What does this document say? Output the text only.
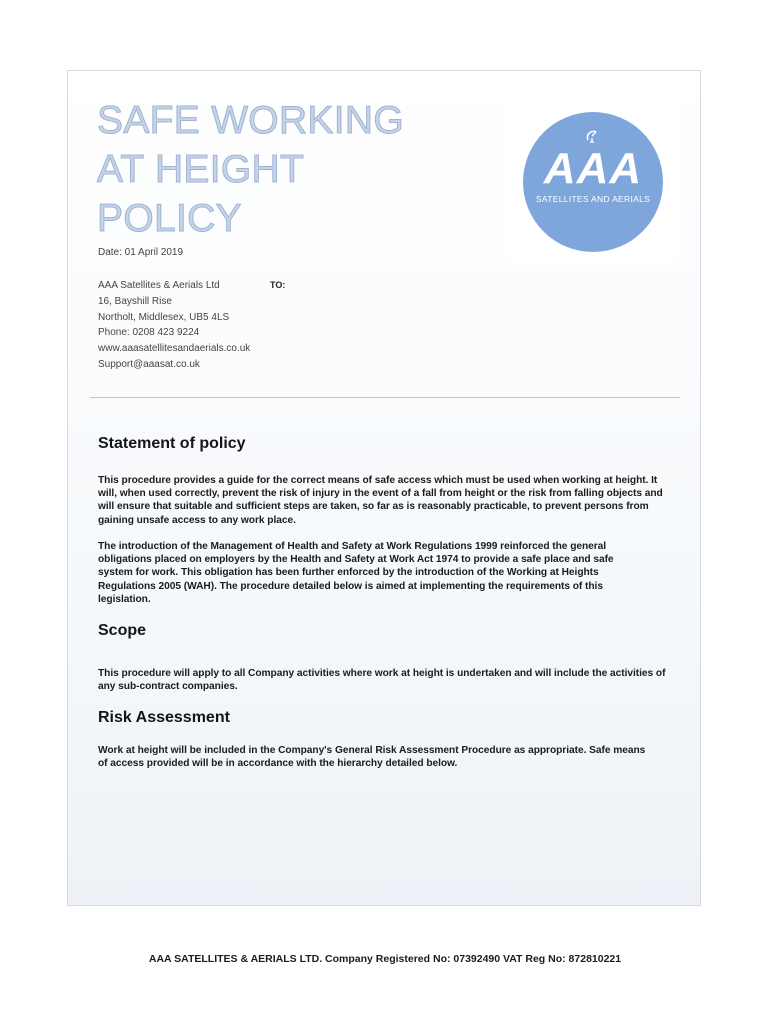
SAFE WORKING
AT HEIGHT
POLICY
AAA
SATELLITES AND AERIALS
Date: 01 April 2019
AAA Satellites & Aerials Ltd
16, Bayshill Rise
Northolt, Middlesex, UB5 4LS
Phone: 0208 423 9224
www.aaasatellitesandaerials.co.uk
Support@aaasat.co.uk
TO:
Statement of policy

This procedure provides a guide for the correct means of safe access which must be used when working at height. It will, when used correctly, prevent the risk of injury in the event of a fall from height or the risk from falling objects and will ensure that suitable and sufficient steps are taken, so far as is reasonably practicable, to prevent persons from gaining unsafe access to any work place.

The introduction of the Management of Health and Safety at Work Regulations 1999 reinforced the general obligations placed on employers by the Health and Safety at Work Act 1974 to provide a safe place and safe system for work. This obligation has been further enforced by the introduction of the Working at Heights Regulations 2005 (WAH). The procedure detailed below is aimed at implementing the requirements of this legislation.

Scope

This procedure will apply to all Company activities where work at height is undertaken and will include the activities of any sub-contract companies.

Risk Assessment

Work at height will be included in the Company's General Risk Assessment Procedure as appropriate. Safe means of access provided will be in accordance with the hierarchy detailed below.

AAA SATELLITES & AERIALS LTD. Company Registered No: 07392490 VAT Reg No: 872810221
